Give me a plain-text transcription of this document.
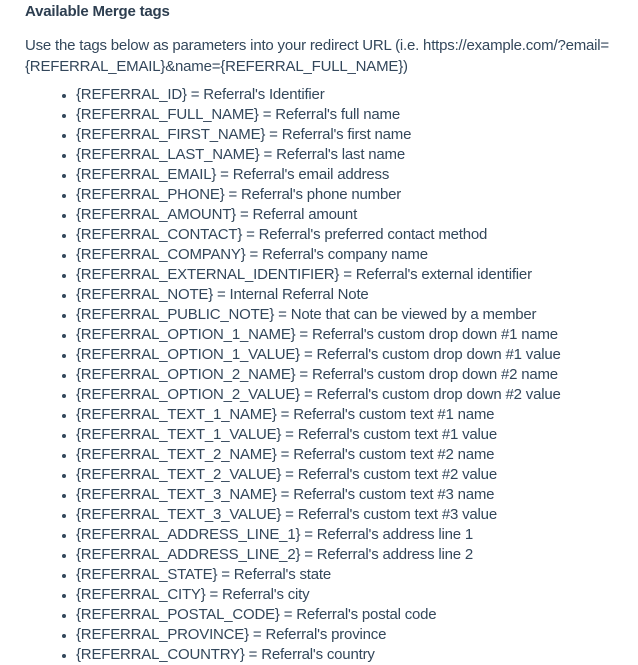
Available Merge tags

Use the tags below as parameters into your redirect URL (i.e. https://example.com/?email=
{REFERRAL_EMAIL}&name={REFERRAL_FULL_NAME})

• {REFERRAL_ID} = Referral's Identifier
• {REFERRAL_FULL_NAME} = Referral's full name
• {REFERRAL_FIRST_NAME} = Referral's first name
• {REFERRAL_LAST_NAME} = Referral's last name
• {REFERRAL_EMAIL} = Referral's email address
• {REFERRAL_PHONE} = Referral's phone number
• {REFERRAL_AMOUNT} = Referral amount
• {REFERRAL_CONTACT} = Referral's preferred contact method
• {REFERRAL_COMPANY} = Referral's company name
• {REFERRAL_EXTERNAL_IDENTIFIER} = Referral's external identifier
• {REFERRAL_NOTE} = Internal Referral Note
• {REFERRAL_PUBLIC_NOTE} = Note that can be viewed by a member
• {REFERRAL_OPTION_1_NAME} = Referral's custom drop down #1 name
• {REFERRAL_OPTION_1_VALUE} = Referral's custom drop down #1 value
• {REFERRAL_OPTION_2_NAME} = Referral's custom drop down #2 name
• {REFERRAL_OPTION_2_VALUE} = Referral's custom drop down #2 value
• {REFERRAL_TEXT_1_NAME} = Referral's custom text #1 name
• {REFERRAL_TEXT_1_VALUE} = Referral's custom text #1 value
• {REFERRAL_TEXT_2_NAME} = Referral's custom text #2 name
• {REFERRAL_TEXT_2_VALUE} = Referral's custom text #2 value
• {REFERRAL_TEXT_3_NAME} = Referral's custom text #3 name
• {REFERRAL_TEXT_3_VALUE} = Referral's custom text #3 value
• {REFERRAL_ADDRESS_LINE_1} = Referral's address line 1
• {REFERRAL_ADDRESS_LINE_2} = Referral's address line 2
• {REFERRAL_STATE} = Referral's state
• {REFERRAL_CITY} = Referral's city
• {REFERRAL_POSTAL_CODE} = Referral's postal code
• {REFERRAL_PROVINCE} = Referral's province
• {REFERRAL_COUNTRY} = Referral's country
